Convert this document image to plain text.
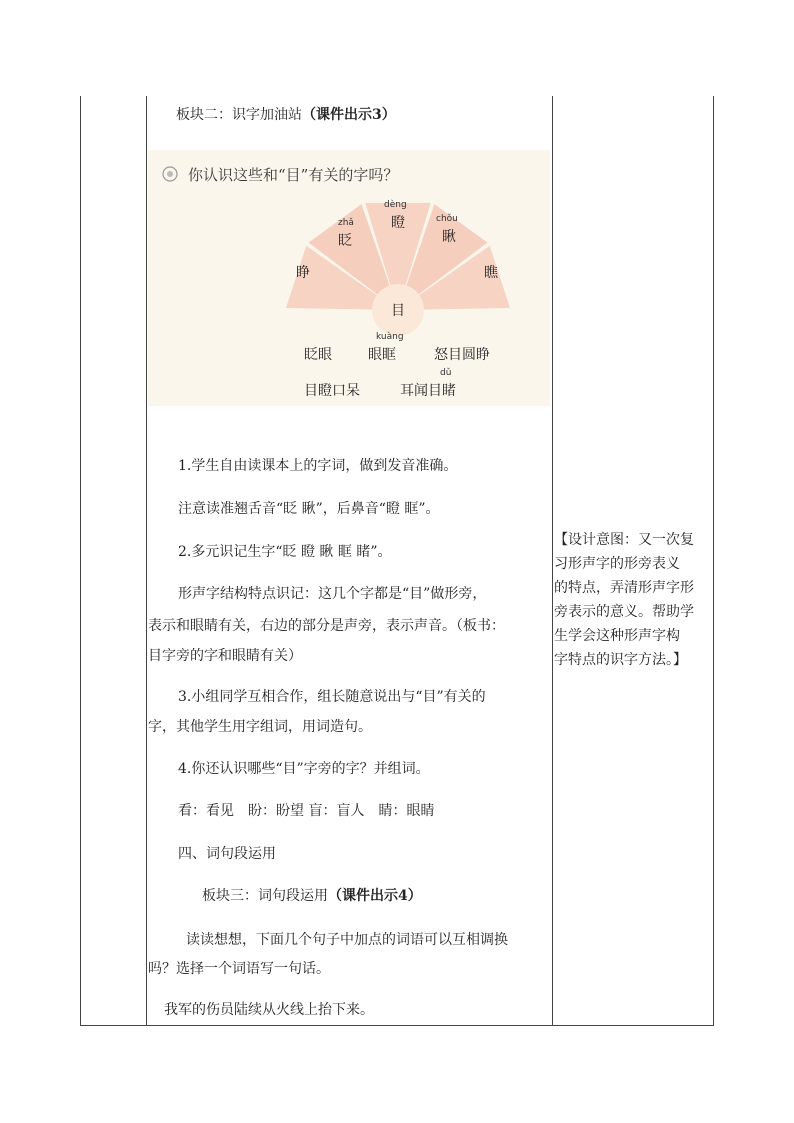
板块二：识字加油站（课件出示3）
你认识这些和“目”有关的字吗？
睁
zhǎ
眨
dèng
瞪	chǒu
瞅
瞧
目
kuàng
眨眼	眼眶	怒目圆睁
dǔ
目瞪口呆	耳闻目睹
1.学生自由读课本上的字词，做到发音准确。
注意读准翘舌音“眨 瞅”，后鼻音“瞪 眶”。
2.多元识记生字“眨 瞪 瞅 眶 睹”。
形声字结构特点识记：这几个字都是“目”做形旁，
表示和眼睛有关，右边的部分是声旁，表示声音。（板书：
目字旁的字和眼睛有关）
3.小组同学互相合作，组长随意说出与“目”有关的
字，其他学生用字组词，用词造句。
4.你还认识哪些“目”字旁的字？并组词。
看：看见　盼：盼望 盲：盲人　睛：眼睛
四、词句段运用
板块三：词句段运用（课件出示4）
读读想想，下面几个句子中加点的词语可以互相调换
吗？选择一个词语写一句话。
我军的伤员陆续从火线上抬下来。
【设计意图：又一次复
习形声字的形旁表义
的特点，弄清形声字形
旁表示的意义。帮助学
生学会这种形声字构
字特点的识字方法。】
